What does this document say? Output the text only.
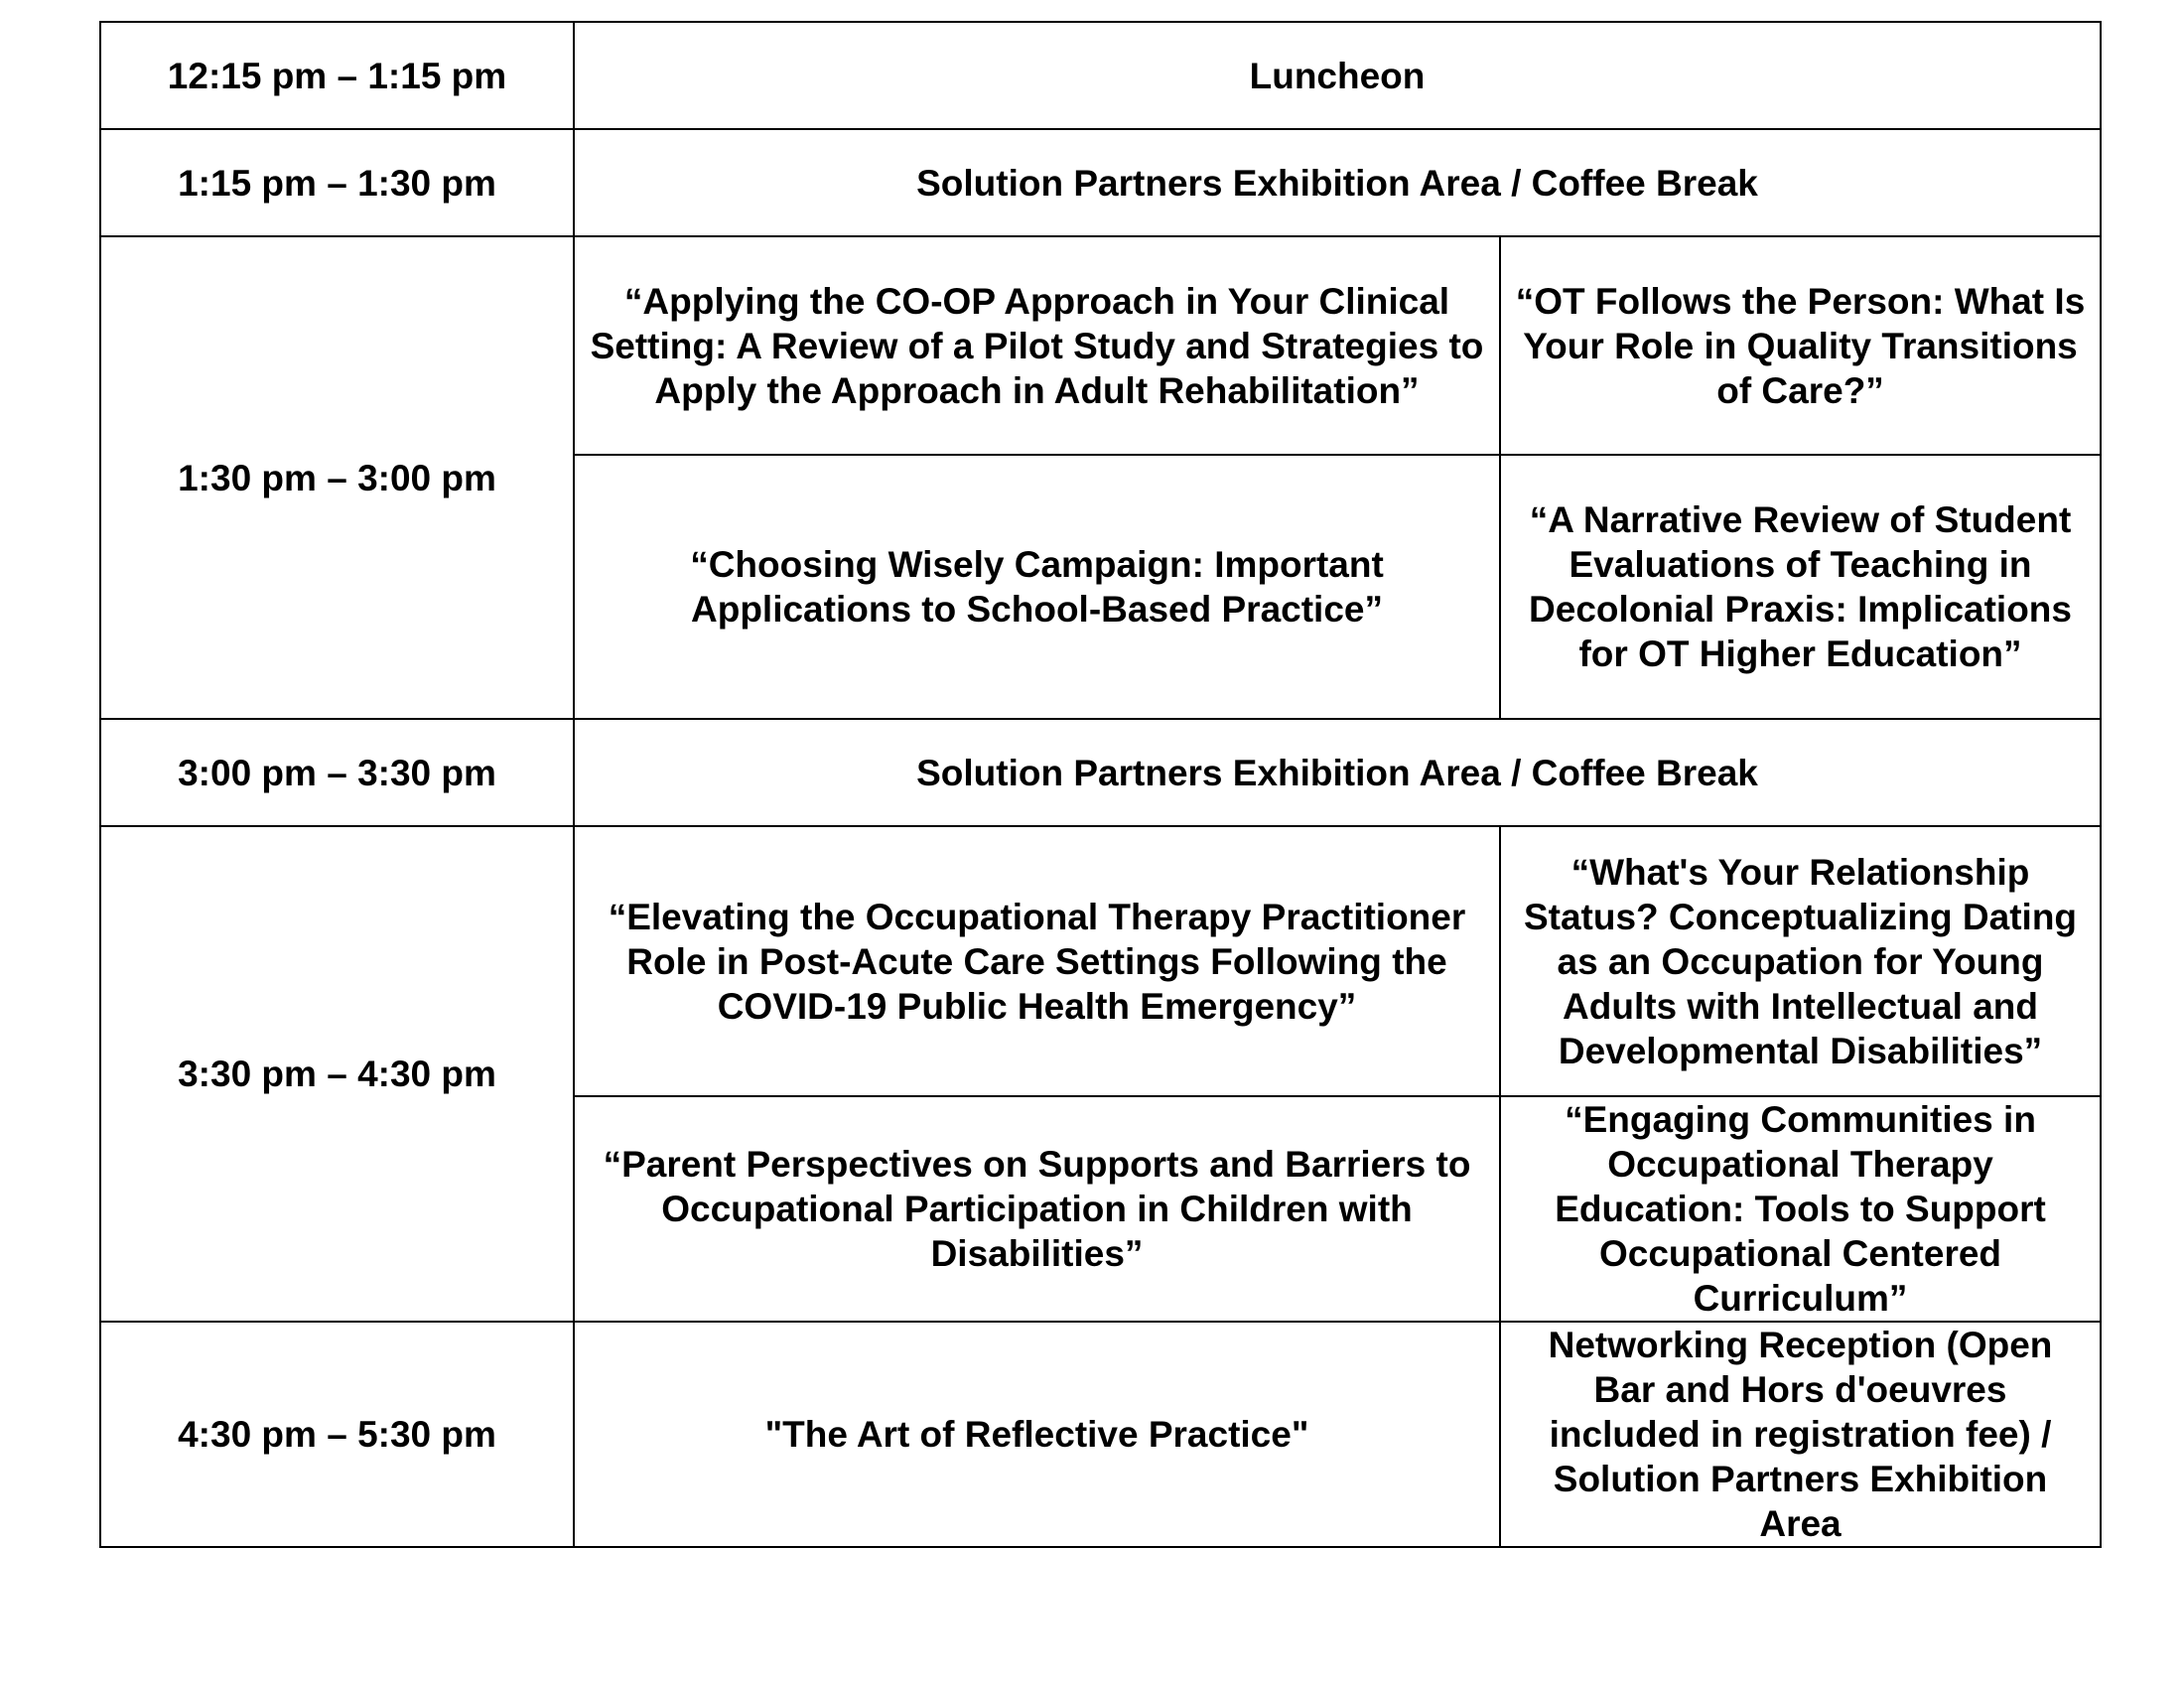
12:15 pm – 1:15 pm	Luncheon	
1:15 pm – 1:30 pm	Solution Partners Exhibition Area / Coffee Break	
1:30 pm – 3:00 pm	“Applying the CO-OP Approach in Your Clinical Setting: A Review of a Pilot Study and Strategies to Apply the Approach in Adult Rehabilitation”	“OT Follows the Person: What Is Your Role in Quality Transitions of Care?”
	“Choosing Wisely Campaign: Important Applications to School-Based Practice”	“A Narrative Review of Student Evaluations of Teaching in Decolonial Praxis: Implications for OT Higher Education”
3:00 pm – 3:30 pm	Solution Partners Exhibition Area / Coffee Break	
3:30 pm – 4:30 pm	“Elevating the Occupational Therapy Practitioner Role in Post-Acute Care Settings Following the COVID-19 Public Health Emergency”	“What's Your Relationship Status? Conceptualizing Dating as an Occupation for Young Adults with Intellectual and Developmental Disabilities”
	“Parent Perspectives on Supports and Barriers to Occupational Participation in Children with Disabilities”	“Engaging Communities in Occupational Therapy Education: Tools to Support Occupational Centered Curriculum”
4:30 pm – 5:30 pm	"The Art of Reflective Practice"	Networking Reception (Open Bar and Hors d'oeuvres included in registration fee) / Solution Partners Exhibition Area
